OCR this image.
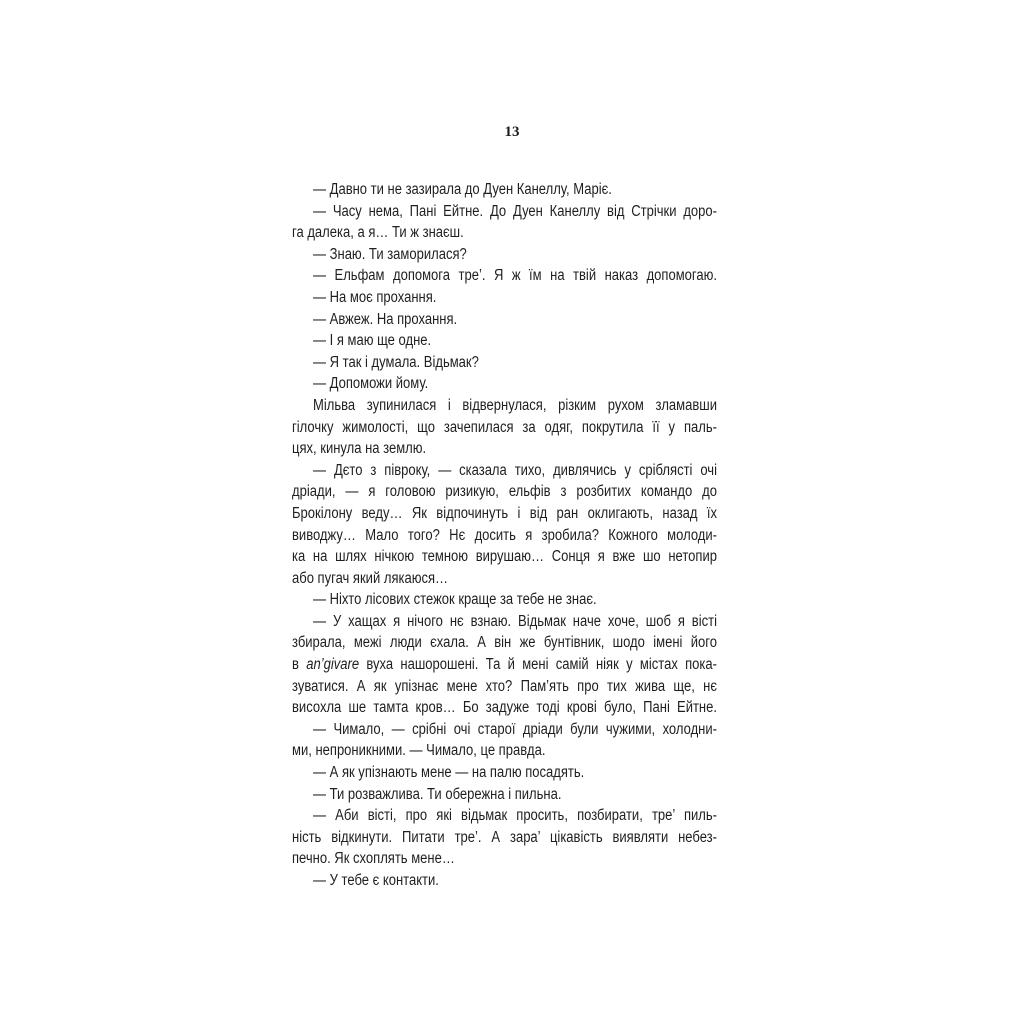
13
— Давно ти не зазирала до Дуен Канеллу, Маріє.
— Часу нема, Пані Ейтне. До Дуен Канеллу від Стрічки доро-
га далека, а я… Ти ж знаєш.
— Знаю. Ти заморилася?
— Ельфам допомога тре’. Я ж їм на твій наказ допомогаю.
— На моє прохання.
— Авжеж. На прохання.
— І я маю ще одне.
— Я так і думала. Відьмак?
— Допоможи йому.
Мільва зупинилася і відвернулася, різким рухом зламавши
гілочку жимолості, що зачепилася за одяг, покрутила її у паль-
цях, кинула на землю.
— Дєто з півроку, — сказала тихо, дивлячись у сріблясті очі
дріади, — я головою ризикую, ельфів з розбитих командо до
Брокілону веду… Як відпочинуть і від ран оклигають, назад їх
виводжу… Мало того? Нє досить я зробила? Кожного молоди-
ка на шлях нічкою темною вирушаю… Сонця я вже шо нетопир
або пугач який лякаюся…
— Ніхто лісових стежок краще за тебе не знає.
— У хащах я нічого нє взнаю. Відьмак наче хоче, шоб я вісті
збирала, межі люди єхала. А він же бунтівник, шодо імені його
в an’givare вуха нашорошені. Та й мені самій ніяк у містах пока-
зуватися. А як упізнає мене хто? Пам’ять про тих жива ще, нє
висохла ше тамта кров… Бо задуже тоді крові було, Пані Ейтне.
— Чимало, — срібні очі старої дріади були чужими, холодни-
ми, непроникними. — Чимало, це правда.
— А як упізнають мене — на палю посадять.
— Ти розважлива. Ти обережна і пильна.
— Аби вісті, про які відьмак просить, позбирати, тре’ пиль-
ність відкинути. Питати тре’. А зара’ цікавість виявляти небез-
печно. Як схоплять мене…
— У тебе є контакти.
